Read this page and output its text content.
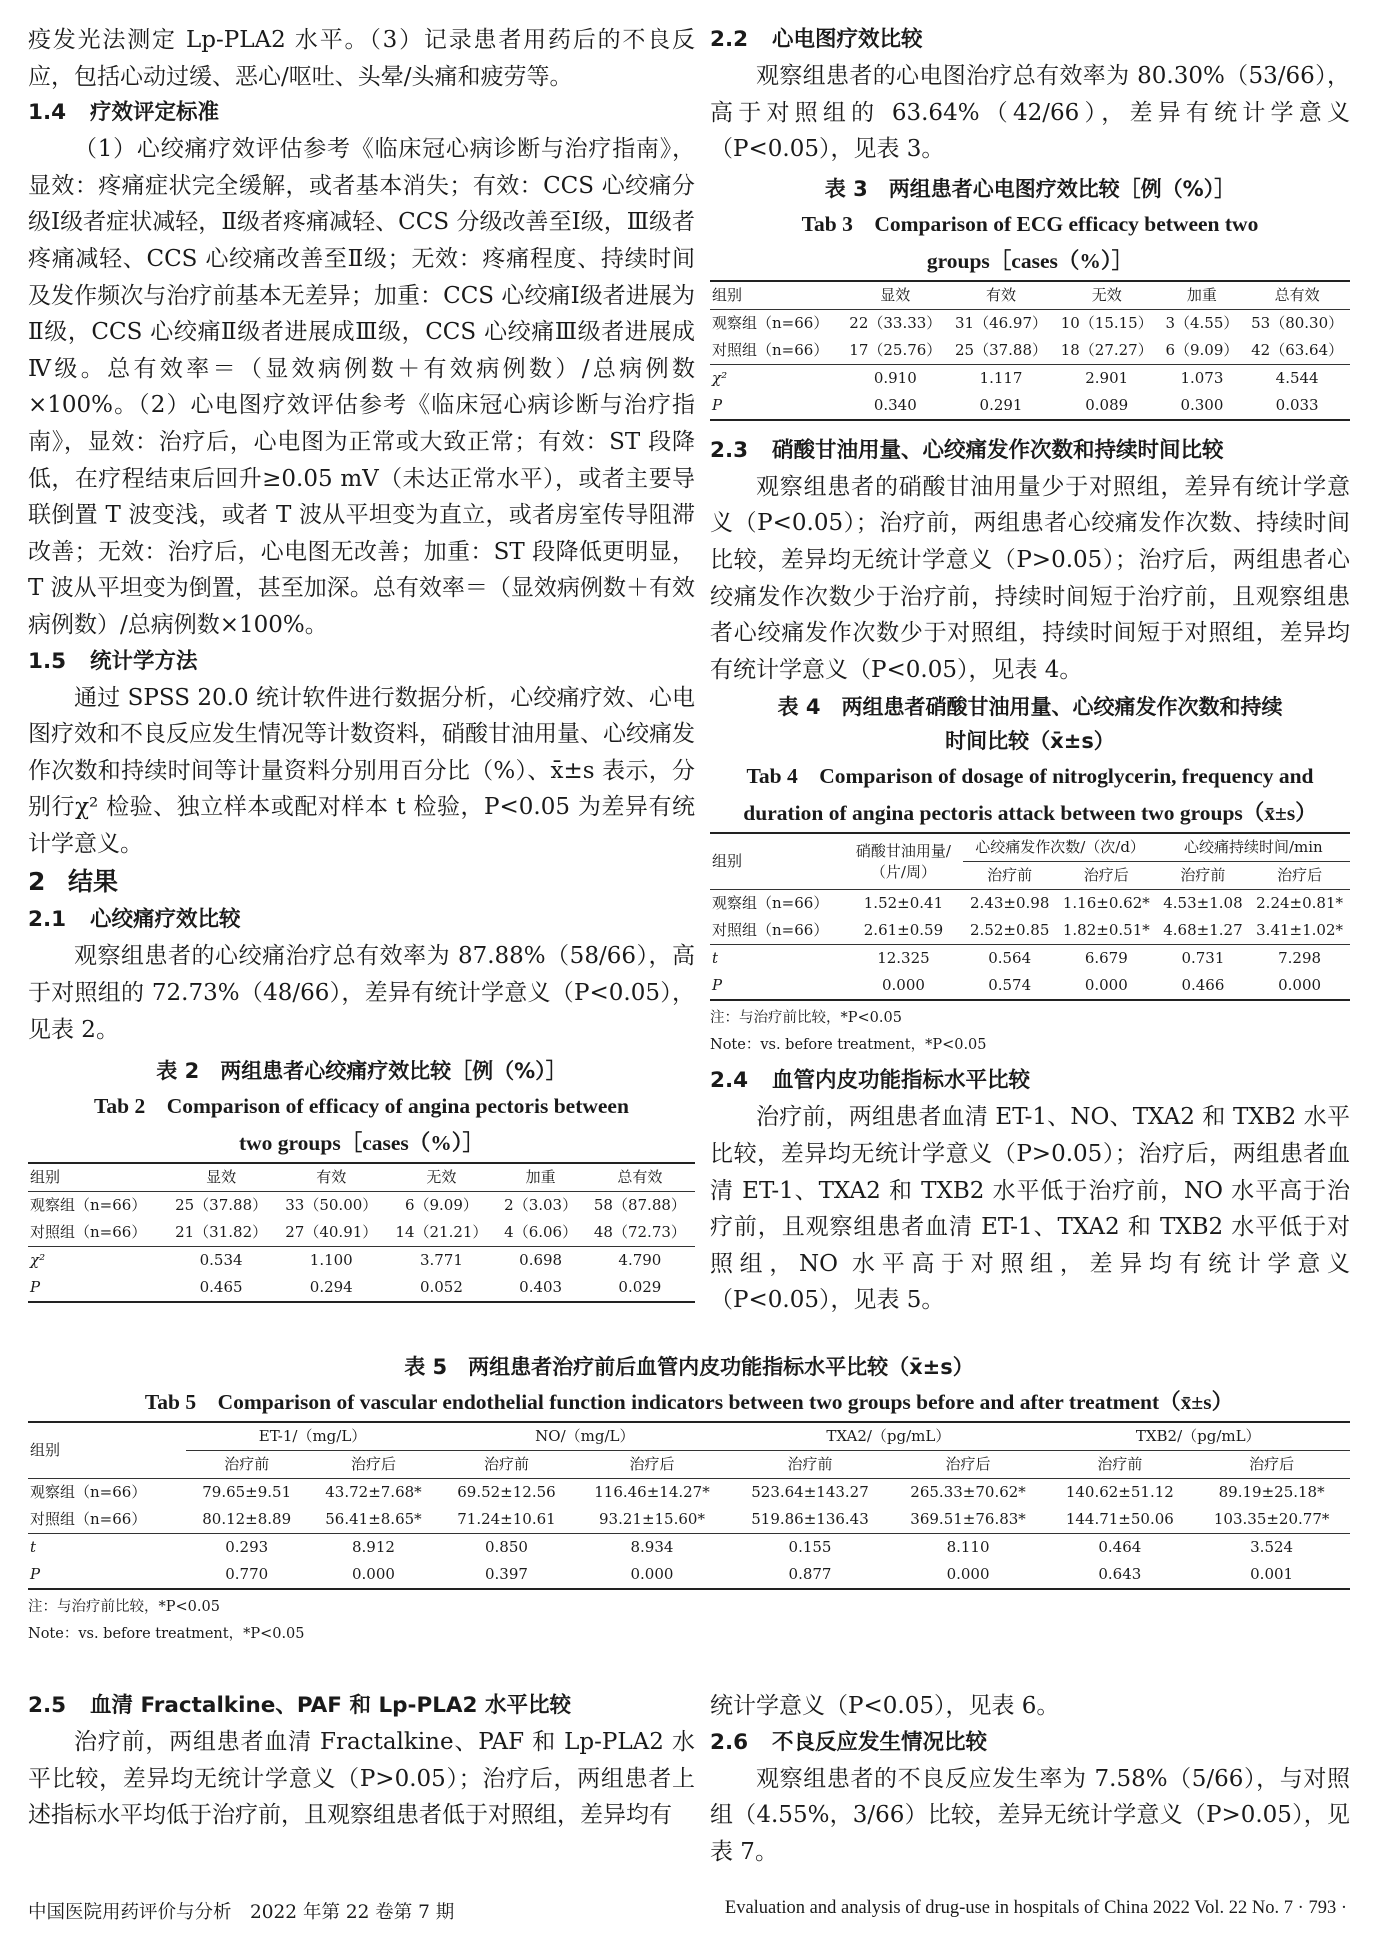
疫发光法测定 Lp-PLA2 水平。（3）记录患者用药后的不良反应，包括心动过缓、恶心/呕吐、头晕/头痛和疲劳等。

1.4 疗效评定标准

（1）心绞痛疗效评估参考《临床冠心病诊断与治疗指南》，显效：疼痛症状完全缓解，或者基本消失；有效：CCS 心绞痛分级Ⅰ级者症状减轻，Ⅱ级者疼痛减轻、CCS 分级改善至Ⅰ级，Ⅲ级者疼痛减轻、CCS 心绞痛改善至Ⅱ级；无效：疼痛程度、持续时间及发作频次与治疗前基本无差异；加重：CCS 心绞痛Ⅰ级者进展为Ⅱ级，CCS 心绞痛Ⅱ级者进展成Ⅲ级，CCS 心绞痛Ⅲ级者进展成Ⅳ级。总有效率＝（显效病例数＋有效病例数）/总病例数×100%。（2）心电图疗效评估参考《临床冠心病诊断与治疗指南》，显效：治疗后，心电图为正常或大致正常；有效：ST 段降低，在疗程结束后回升≥0.05 mV（未达正常水平），或者主要导联倒置 T 波变浅，或者 T 波从平坦变为直立，或者房室传导阻滞改善；无效：治疗后，心电图无改善；加重：ST 段降低更明显，T 波从平坦变为倒置，甚至加深。总有效率＝（显效病例数＋有效病例数）/总病例数×100%。

1.5 统计学方法

通过 SPSS 20.0 统计软件进行数据分析，心绞痛疗效、心电图疗效和不良反应发生情况等计数资料，硝酸甘油用量、心绞痛发作次数和持续时间等计量资料分别用百分比（%）、x̄±s 表示，分别行χ² 检验、独立样本或配对样本 t 检验，P<0.05 为差异有统计学意义。

2 结果
2.1 心绞痛疗效比较

观察组患者的心绞痛治疗总有效率为 87.88%（58/66），高于对照组的 72.73%（48/66），差异有统计学意义（P<0.05），见表 2。

表 2　两组患者心绞痛疗效比较［例（%）］
Tab 2　Comparison of efficacy of angina pectoris between
two groups［cases（%）］
组别	显效	有效	无效	加重	总有效
观察组（n=66）	25（37.88）	33（50.00）	6（9.09）	2（3.03）	58（87.88）
对照组（n=66）	21（31.82）	27（40.91）	14（21.21）	4（6.06）	48（72.73）
χ²	0.534	1.100	3.771	0.698	4.790
P	0.465	0.294	0.052	0.403	0.029
2.2 心电图疗效比较

观察组患者的心电图治疗总有效率为 80.30%（53/66），高于对照组的 63.64%（42/66），差异有统计学意义（P<0.05），见表 3。

表 3　两组患者心电图疗效比较［例（%）］
Tab 3　Comparison of ECG efficacy between two
groups［cases（%）］
组别	显效	有效	无效	加重	总有效
观察组（n=66）	22（33.33）	31（46.97）	10（15.15）	3（4.55）	53（80.30）
对照组（n=66）	17（25.76）	25（37.88）	18（27.27）	6（9.09）	42（63.64）
χ²	0.910	1.117	2.901	1.073	4.544
P	0.340	0.291	0.089	0.300	0.033
2.3 硝酸甘油用量、心绞痛发作次数和持续时间比较

观察组患者的硝酸甘油用量少于对照组，差异有统计学意义（P<0.05）；治疗前，两组患者心绞痛发作次数、持续时间比较，差异均无统计学意义（P>0.05）；治疗后，两组患者心绞痛发作次数少于治疗前，持续时间短于治疗前，且观察组患者心绞痛发作次数少于对照组，持续时间短于对照组，差异均有统计学意义（P<0.05），见表 4。

表 4　两组患者硝酸甘油用量、心绞痛发作次数和持续
时间比较（x̄±s）
Tab 4　Comparison of dosage of nitroglycerin, frequency and
duration of angina pectoris attack between two groups（x̄±s）
组别	硝酸甘油用量/（片/周）	心绞痛发作次数/（次/d）		心绞痛持续时间/min	
		治疗前	治疗后	治疗前	治疗后
观察组（n=66）	1.52±0.41	2.43±0.98	1.16±0.62*	4.53±1.08	2.24±0.81*
对照组（n=66）	2.61±0.59	2.52±0.85	1.82±0.51*	4.68±1.27	3.41±1.02*
t	12.325	0.564	6.679	0.731	7.298
P	0.000	0.574	0.000	0.466	0.000
注：与治疗前比较，*P<0.05
Note：vs. before treatment，*P<0.05
2.4 血管内皮功能指标水平比较

治疗前，两组患者血清 ET-1、NO、TXA2 和 TXB2 水平比较，差异均无统计学意义（P>0.05）；治疗后，两组患者血清 ET-1、TXA2 和 TXB2 水平低于治疗前，NO 水平高于治疗前，且观察组患者血清 ET-1、TXA2 和 TXB2 水平低于对照组，NO 水平高于对照组，差异均有统计学意义（P<0.05），见表 5。

表 5　两组患者治疗前后血管内皮功能指标水平比较（x̄±s）
Tab 5　Comparison of vascular endothelial function indicators between two groups before and after treatment（x̄±s）
组别	ET-1/（mg/L）		NO/（mg/L）		TXA2/（pg/mL）		TXB2/（pg/mL）	
	治疗前	治疗后	治疗前	治疗后	治疗前	治疗后	治疗前	治疗后
观察组（n=66）	79.65±9.51	43.72±7.68*	69.52±12.56	116.46±14.27*	523.64±143.27	265.33±70.62*	140.62±51.12	89.19±25.18*
对照组（n=66）	80.12±8.89	56.41±8.65*	71.24±10.61	93.21±15.60*	519.86±136.43	369.51±76.83*	144.71±50.06	103.35±20.77*
t	0.293	8.912	0.850	8.934	0.155	8.110	0.464	3.524
P	0.770	0.000	0.397	0.000	0.877	0.000	0.643	0.001
注：与治疗前比较，*P<0.05
Note：vs. before treatment，*P<0.05
2.5 血清 Fractalkine、PAF 和 Lp-PLA2 水平比较

治疗前，两组患者血清 Fractalkine、PAF 和 Lp-PLA2 水平比较，差异均无统计学意义（P>0.05）；治疗后，两组患者上述指标水平均低于治疗前，且观察组患者低于对照组，差异均有

统计学意义（P<0.05），见表 6。

2.6 不良反应发生情况比较

观察组患者的不良反应发生率为 7.58%（5/66），与对照组（4.55%，3/66）比较，差异无统计学意义（P>0.05），见表 7。

中国医院用药评价与分析　2022 年第 22 卷第 7 期	Evaluation and analysis of drug-use in hospitals of China 2022 Vol. 22 No. 7 · 793 ·
